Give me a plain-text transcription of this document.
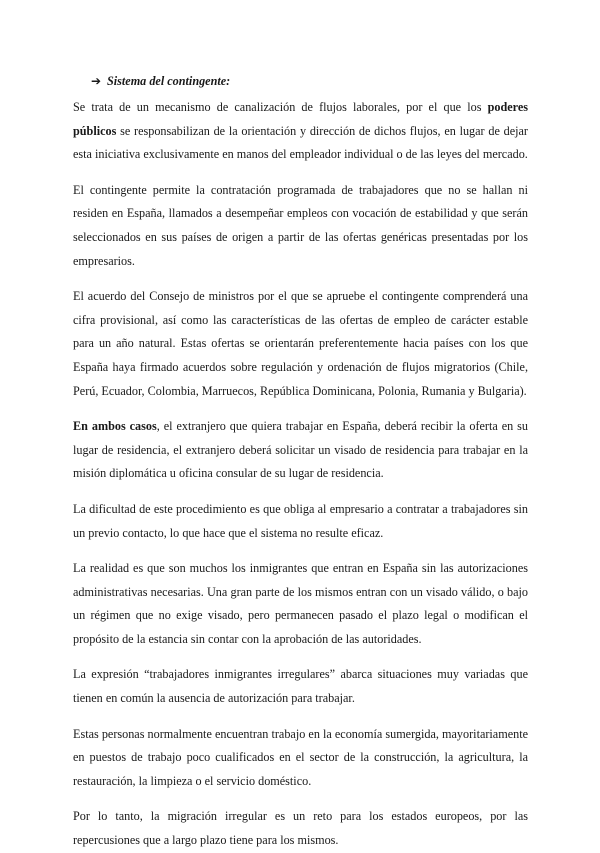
➔ Sistema del contingente:

Se trata de un mecanismo de canalización de flujos laborales, por el que los poderes públicos se responsabilizan de la orientación y dirección de dichos flujos, en lugar de dejar esta iniciativa exclusivamente en manos del empleador individual o de las leyes del mercado.

El contingente permite la contratación programada de trabajadores que no se hallan ni residen en España, llamados a desempeñar empleos con vocación de estabilidad y que serán seleccionados en sus países de origen a partir de las ofertas genéricas presentadas por los empresarios.

El acuerdo del Consejo de ministros por el que se apruebe el contingente comprenderá una cifra provisional, así como las características de las ofertas de empleo de carácter estable para un año natural. Estas ofertas se orientarán preferentemente hacia países con los que España haya firmado acuerdos sobre regulación y ordenación de flujos migratorios (Chile, Perú, Ecuador, Colombia, Marruecos, República Dominicana, Polonia, Rumania y Bulgaria).

En ambos casos, el extranjero que quiera trabajar en España, deberá recibir la oferta en su lugar de residencia, el extranjero deberá solicitar un visado de residencia para trabajar en la misión diplomática u oficina consular de su lugar de residencia.

La dificultad de este procedimiento es que obliga al empresario a contratar a trabajadores sin un previo contacto, lo que hace que el sistema no resulte eficaz.

La realidad es que son muchos los inmigrantes que entran en España sin las autorizaciones administrativas necesarias. Una gran parte de los mismos entran con un visado válido, o bajo un régimen que no exige visado, pero permanecen pasado el plazo legal o modifican el propósito de la estancia sin contar con la aprobación de las autoridades.

La expresión “trabajadores inmigrantes irregulares” abarca situaciones muy variadas que tienen en común la ausencia de autorización para trabajar.

Estas personas normalmente encuentran trabajo en la economía sumergida, mayoritariamente en puestos de trabajo poco cualificados en el sector de la construcción, la agricultura, la restauración, la limpieza o el servicio doméstico.

Por lo tanto, la migración irregular es un reto para los estados europeos, por las repercusiones que a largo plazo tiene para los mismos.
